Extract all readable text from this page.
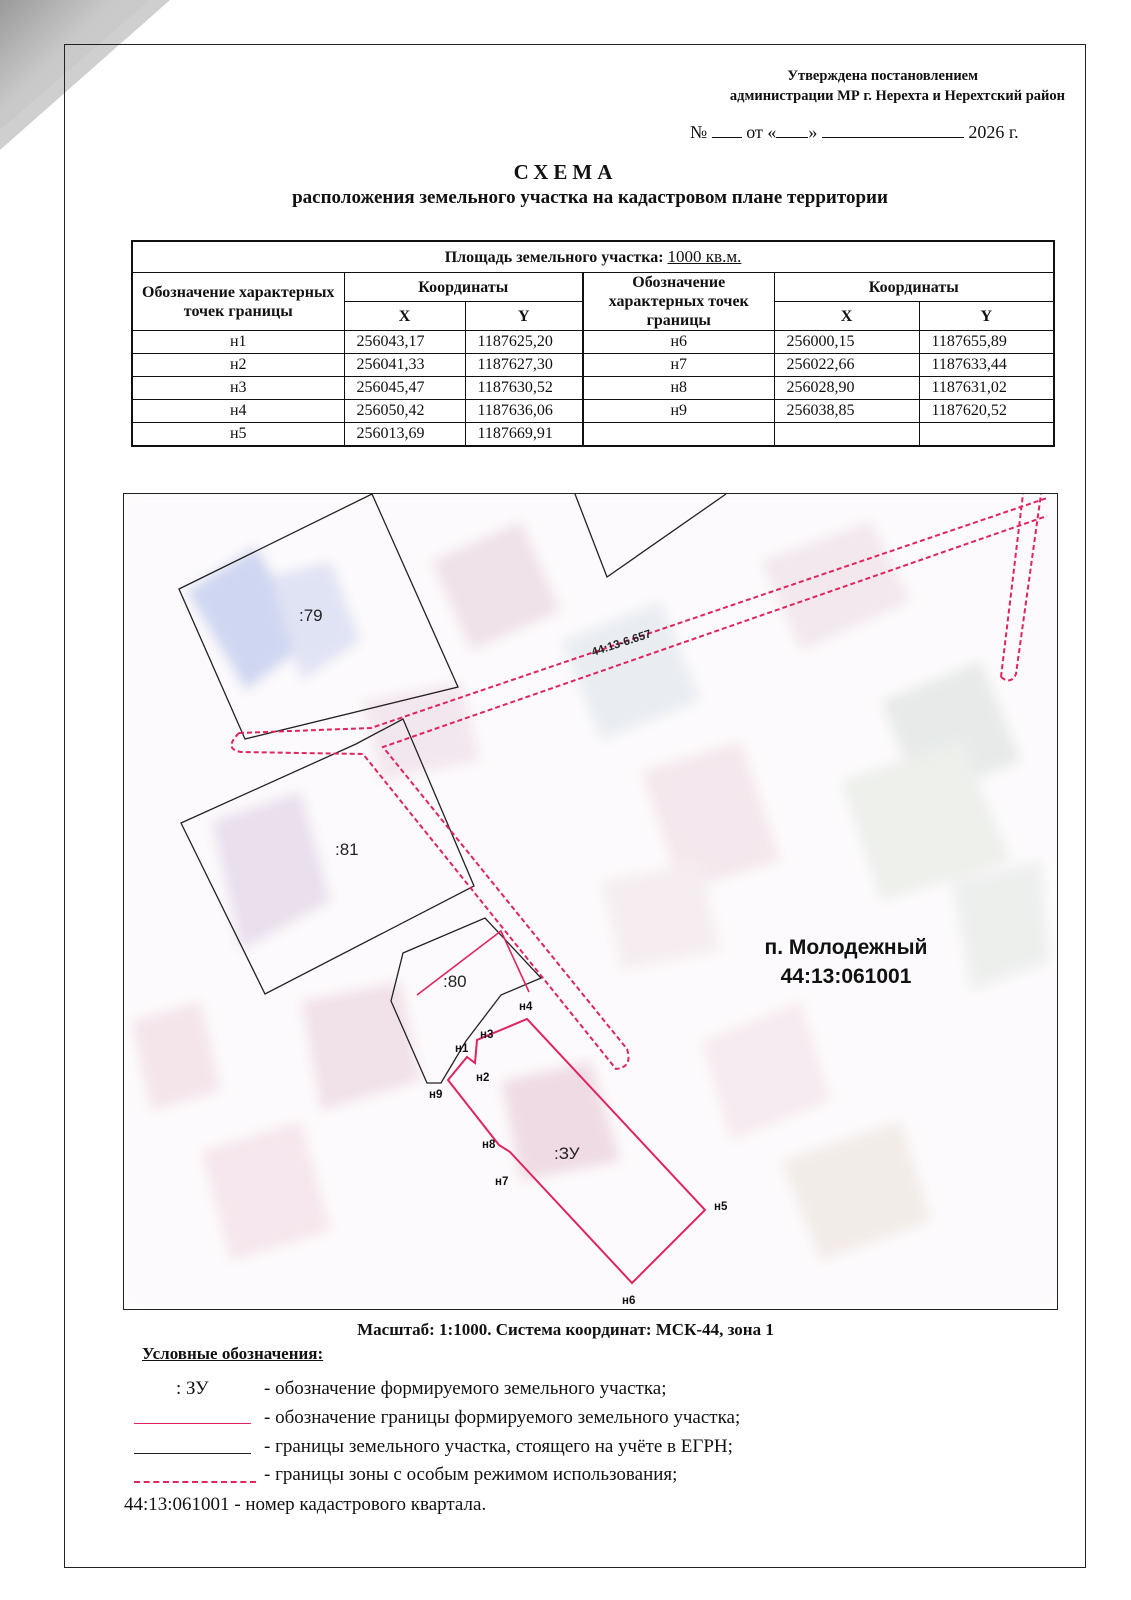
Утверждена постановлением
администрации МР г. Нерехта и Нерехтский район
№ от « »	2026 г.
СХЕМА
расположения земельного участка на кадастровом плане территории
Площадь земельного участка: 1000 кв.м.					
Обозначение характерных точек границы	Координаты		Обозначение характерных точек границы	Координаты	
	X	Y		X	Y
н1	256043,17	1187625,20	н6	256000,15	1187655,89
н2	256041,33	1187627,30	н7	256022,66	1187633,44
н3	256045,47	1187630,52	н8	256028,90	1187631,02
н4	256050,42	1187636,06	н9	256038,85	1187620,52
н5	256013,69	1187669,91			
:79
:81
:80
:ЗУ
44:13-6.657
п. Молодежный
44:13:061001
н1
н2
н3
н4
н5
н6
н7
н8
н9
Масштаб: 1:1000. Система координат: МСК-44, зона 1
Условные обозначения:
: ЗУ	- обозначение формируемого земельного участка;
- обозначение границы формируемого земельного участка;
- границы земельного участка, стоящего на учёте в ЕГРН;
- границы зоны с особым режимом использования;
44:13:061001 - номер кадастрового квартала.
